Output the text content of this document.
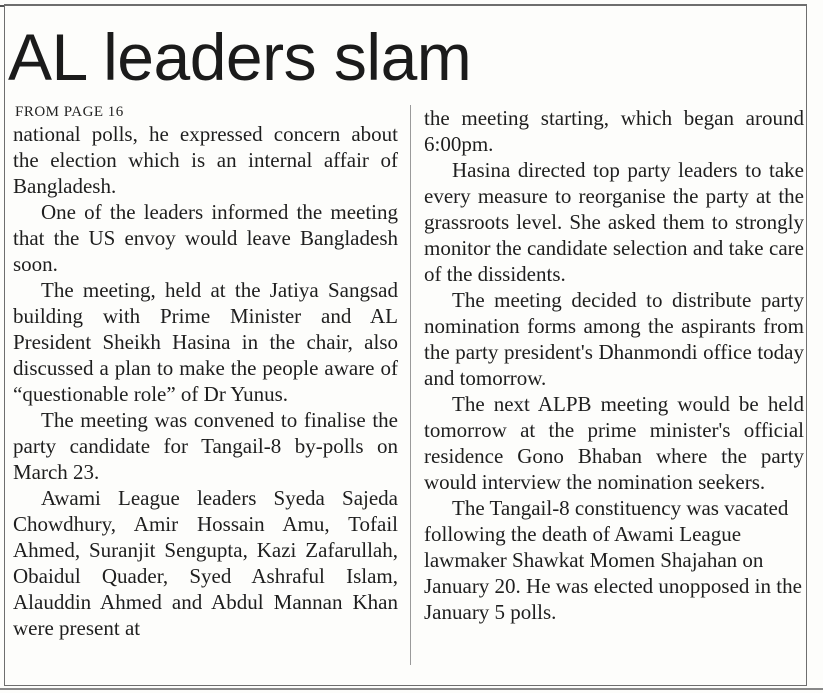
AL leaders slam
FROM PAGE 16

national polls, he expressed concern about the election which is an internal affair of Bangladesh.

One of the leaders informed the meeting that the US envoy would leave Bangladesh soon.

The meeting, held at the Jatiya Sangsad building with Prime Minister and AL President Sheikh Hasina in the chair, also discussed a plan to make the people aware of “questionable role” of Dr Yunus.

The meeting was convened to finalise the party candidate for Tangail-8 by-polls on March 23.

Awami League leaders Syeda Sajeda Chowdhury, Amir Hossain Amu, Tofail Ahmed, Suranjit Sengupta, Kazi Zafarullah, Obaidul Quader, Syed Ashraful Islam, Alauddin Ahmed and Abdul Mannan Khan were present at

the meeting starting, which began around 6:00pm.

Hasina directed top party leaders to take every measure to reorganise the party at the grassroots level. She asked them to strongly monitor the candidate selection and take care of the dissidents.

The meeting decided to distribute party nomination forms among the aspirants from the party president's Dhanmondi office today and tomorrow.

The next ALPB meeting would be held tomorrow at the prime minister's official residence Gono Bhaban where the party would interview the nomination seekers.

The Tangail-8 constituency was vacated following the death of Awami League lawmaker Shawkat Momen Shajahan on January 20. He was elected unopposed in the January 5 polls.
